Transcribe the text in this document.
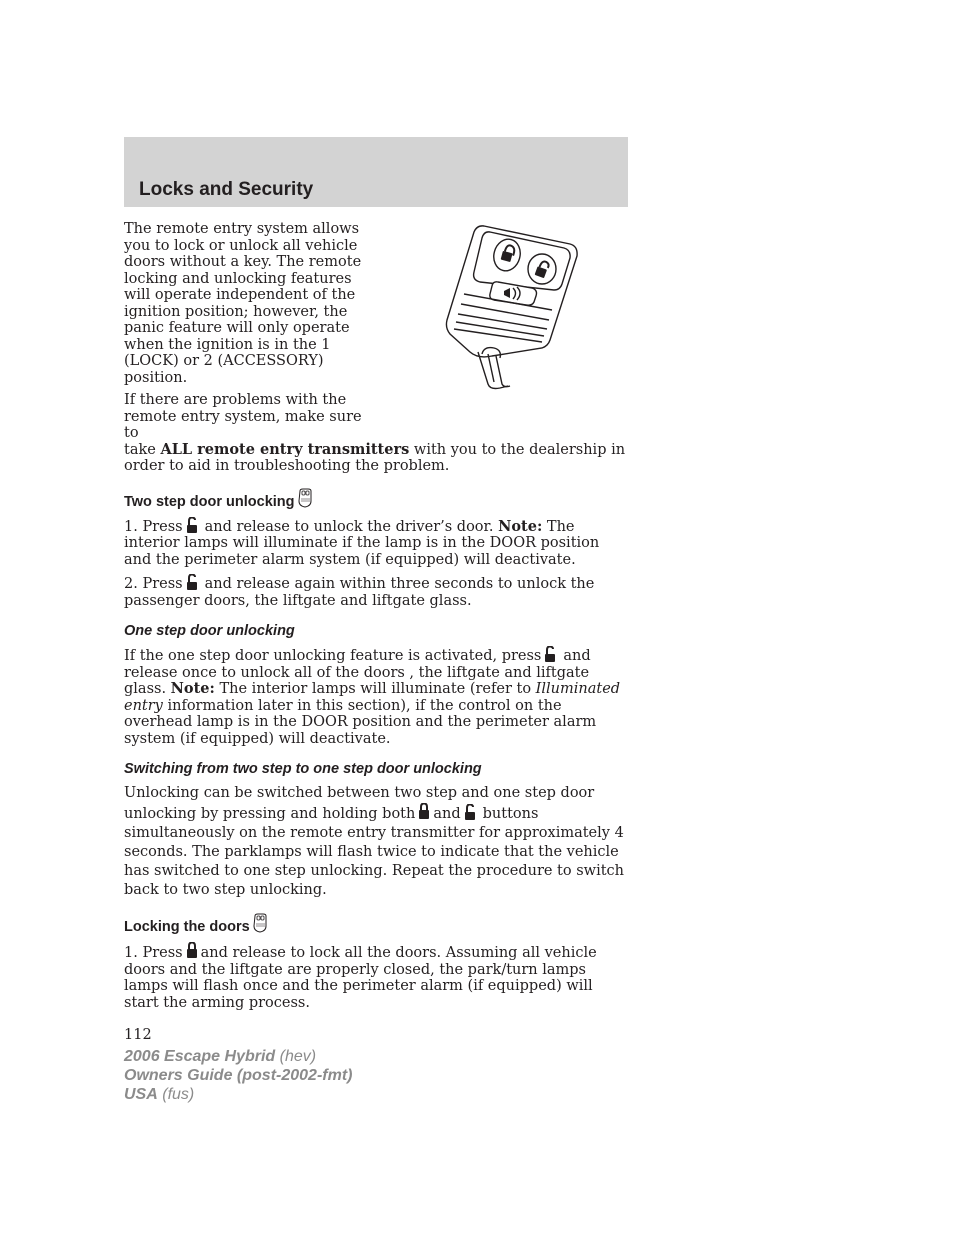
Locks and Security

The remote entry system allows you to lock or unlock all vehicle doors without a key. The remote locking and unlocking features will operate independent of the ignition position; however, the panic feature will only operate when the ignition is in the 1 (LOCK) or 2 (ACCESSORY) position.

If there are problems with the remote entry system, make sure to

take ALL remote entry transmitters with you to the dealership in order to aid in troubleshooting the problem.

Two step door unlocking

1. Press and release to unlock the driver’s door. Note: The interior lamps will illuminate if the lamp is in the DOOR position and the perimeter alarm system (if equipped) will deactivate.

2. Press and release again within three seconds to unlock the passenger doors, the liftgate and liftgate glass.

One step door unlocking

If the one step door unlocking feature is activated, press and release once to unlock all of the doors , the liftgate and liftgate glass. Note: The interior lamps will illuminate (refer to Illuminated entry information later in this section), if the control on the overhead lamp is in the DOOR position and the perimeter alarm system (if equipped) will deactivate.

Switching from two step to one step door unlocking

Unlocking can be switched between two step and one step door unlocking by pressing and holding both and buttons simultaneously on the remote entry transmitter for approximately 4 seconds. The parklamps will flash twice to indicate that the vehicle has switched to one step unlocking. Repeat the procedure to switch back to two step unlocking.

Locking the doors

1. Press and release to lock all the doors. Assuming all vehicle doors and the liftgate are properly closed, the park/turn lamps lamps will flash once and the perimeter alarm (if equipped) will start the arming process.

112

2006 Escape Hybrid (hev)
Owners Guide (post-2002-fmt)
USA (fus)
